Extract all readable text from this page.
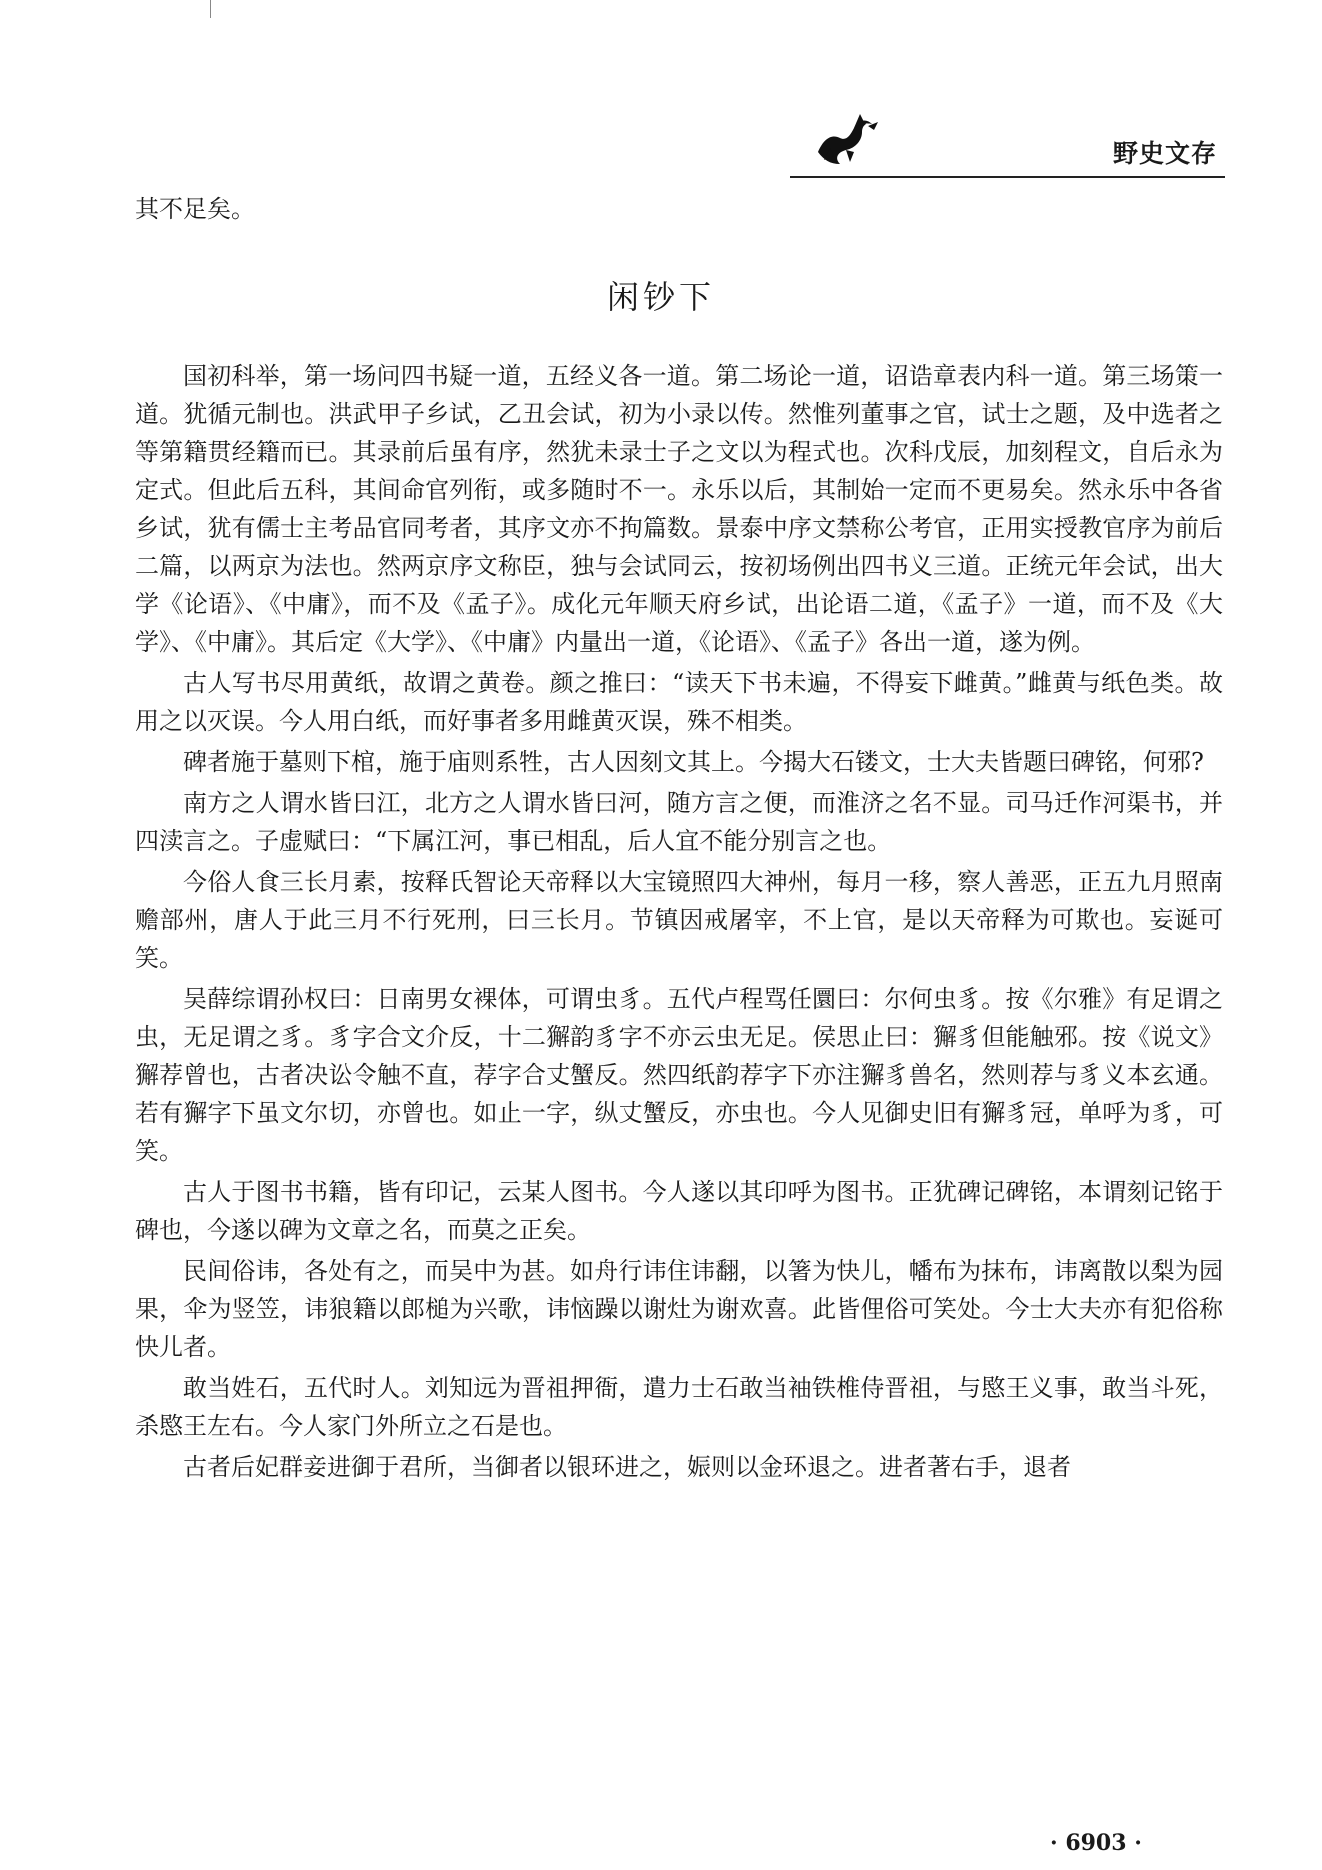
野史文存
其不足矣。
闲钞下

国初科举，第一场问四书疑一道，五经义各一道。第二场论一道，诏诰章表内科一道。第三场策一道。犹循元制也。洪武甲子乡试，乙丑会试，初为小录以传。然惟列董事之官，试士之题，及中选者之等第籍贯经籍而已。其录前后虽有序，然犹未录士子之文以为程式也。次科戊辰，加刻程文，自后永为定式。但此后五科，其间命官列衔，或多随时不一。永乐以后，其制始一定而不更易矣。然永乐中各省乡试，犹有儒士主考品官同考者，其序文亦不拘篇数。景泰中序文禁称公考官，正用实授教官序为前后二篇，以两京为法也。然两京序文称臣，独与会试同云，按初场例出四书义三道。正统元年会试，出大学《论语》、《中庸》，而不及《孟子》。成化元年顺天府乡试，出论语二道，《孟子》一道，而不及《大学》、《中庸》。其后定《大学》、《中庸》内量出一道，《论语》、《孟子》各出一道，遂为例。

古人写书尽用黄纸，故谓之黄卷。颜之推曰：“读天下书未遍，不得妄下雌黄。”雌黄与纸色类。故用之以灭误。今人用白纸，而好事者多用雌黄灭误，殊不相类。

碑者施于墓则下棺，施于庙则系牲，古人因刻文其上。今揭大石镂文，士大夫皆题曰碑铭，何邪?

南方之人谓水皆曰江，北方之人谓水皆曰河，随方言之便，而淮济之名不显。司马迁作河渠书，并四渎言之。子虚赋曰：“下属江河，事已相乱，后人宜不能分别言之也。

今俗人食三长月素，按释氏智论天帝释以大宝镜照四大神州，每月一移，察人善恶，正五九月照南赡部州，唐人于此三月不行死刑，曰三长月。节镇因戒屠宰，不上官，是以天帝释为可欺也。妄诞可笑。

吴薛综谓孙权曰：日南男女裸体，可谓虫豸。五代卢程骂任圜曰：尔何虫豸。按《尔雅》有足谓之虫，无足谓之豸。豸字合文介反，十二獬韵豸字不亦云虫无足。侯思止曰：獬豸但能触邪。按《说文》獬荐曾也，古者决讼令触不直，荐字合丈蟹反。然四纸韵荐字下亦注獬豸兽名，然则荐与豸义本玄通。若有獬字下虽文尔切，亦曾也。如止一字，纵丈蟹反，亦虫也。今人见御史旧有獬豸冠，单呼为豸，可笑。

古人于图书书籍，皆有印记，云某人图书。今人遂以其印呼为图书。正犹碑记碑铭，本谓刻记铭于碑也，今遂以碑为文章之名，而莫之正矣。

民间俗讳，各处有之，而吴中为甚。如舟行讳住讳翻，以箸为快儿，幡布为抹布，讳离散以梨为园果，伞为竖笠，讳狼籍以郎槌为兴歌，讳恼躁以谢灶为谢欢喜。此皆俚俗可笑处。今士大夫亦有犯俗称快儿者。

敢当姓石，五代时人。刘知远为晋祖押衙，遣力士石敢当袖铁椎侍晋祖，与愍王义事，敢当斗死，杀愍王左右。今人家门外所立之石是也。

古者后妃群妾进御于君所，当御者以银环进之，娠则以金环退之。进者著右手，退者

· 6903 ·
